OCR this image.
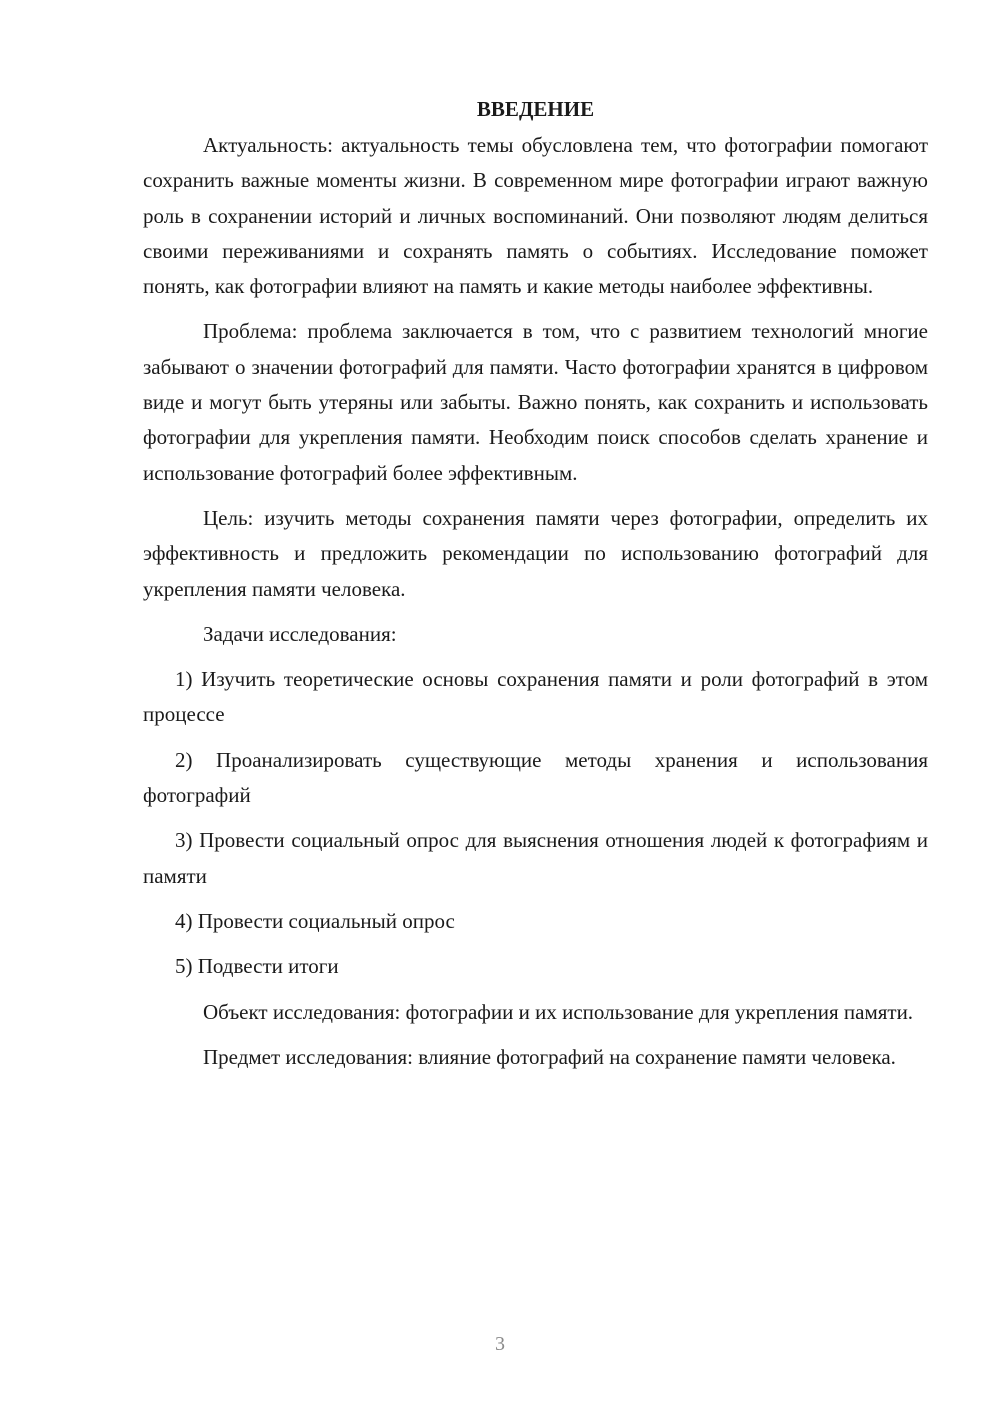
ВВЕДЕНИЕ

Актуальность: актуальность темы обусловлена тем, что фотографии помогают сохранить важные моменты жизни. В современном мире фотографии играют важную роль в сохранении историй и личных воспоминаний. Они позволяют людям делиться своими переживаниями и сохранять память о событиях. Исследование поможет понять, как фотографии влияют на память и какие методы наиболее эффективны.

Проблема: проблема заключается в том, что с развитием технологий многие забывают о значении фотографий для памяти. Часто фотографии хранятся в цифровом виде и могут быть утеряны или забыты. Важно понять, как сохранить и использовать фотографии для укрепления памяти. Необходим поиск способов сделать хранение и использование фотографий более эффективным.

Цель: изучить методы сохранения памяти через фотографии, определить их эффективность и предложить рекомендации по использованию фотографий для укрепления памяти человека.

Задачи исследования:

1) Изучить теоретические основы сохранения памяти и роли фотографий в этом процессе

2) Проанализировать существующие методы хранения и использования фотографий

3) Провести социальный опрос для выяснения отношения людей к фотографиям и памяти

4) Провести социальный опрос

5) Подвести итоги

Объект исследования: фотографии и их использование для укрепления памяти.

Предмет исследования: влияние фотографий на сохранение памяти человека.

3
